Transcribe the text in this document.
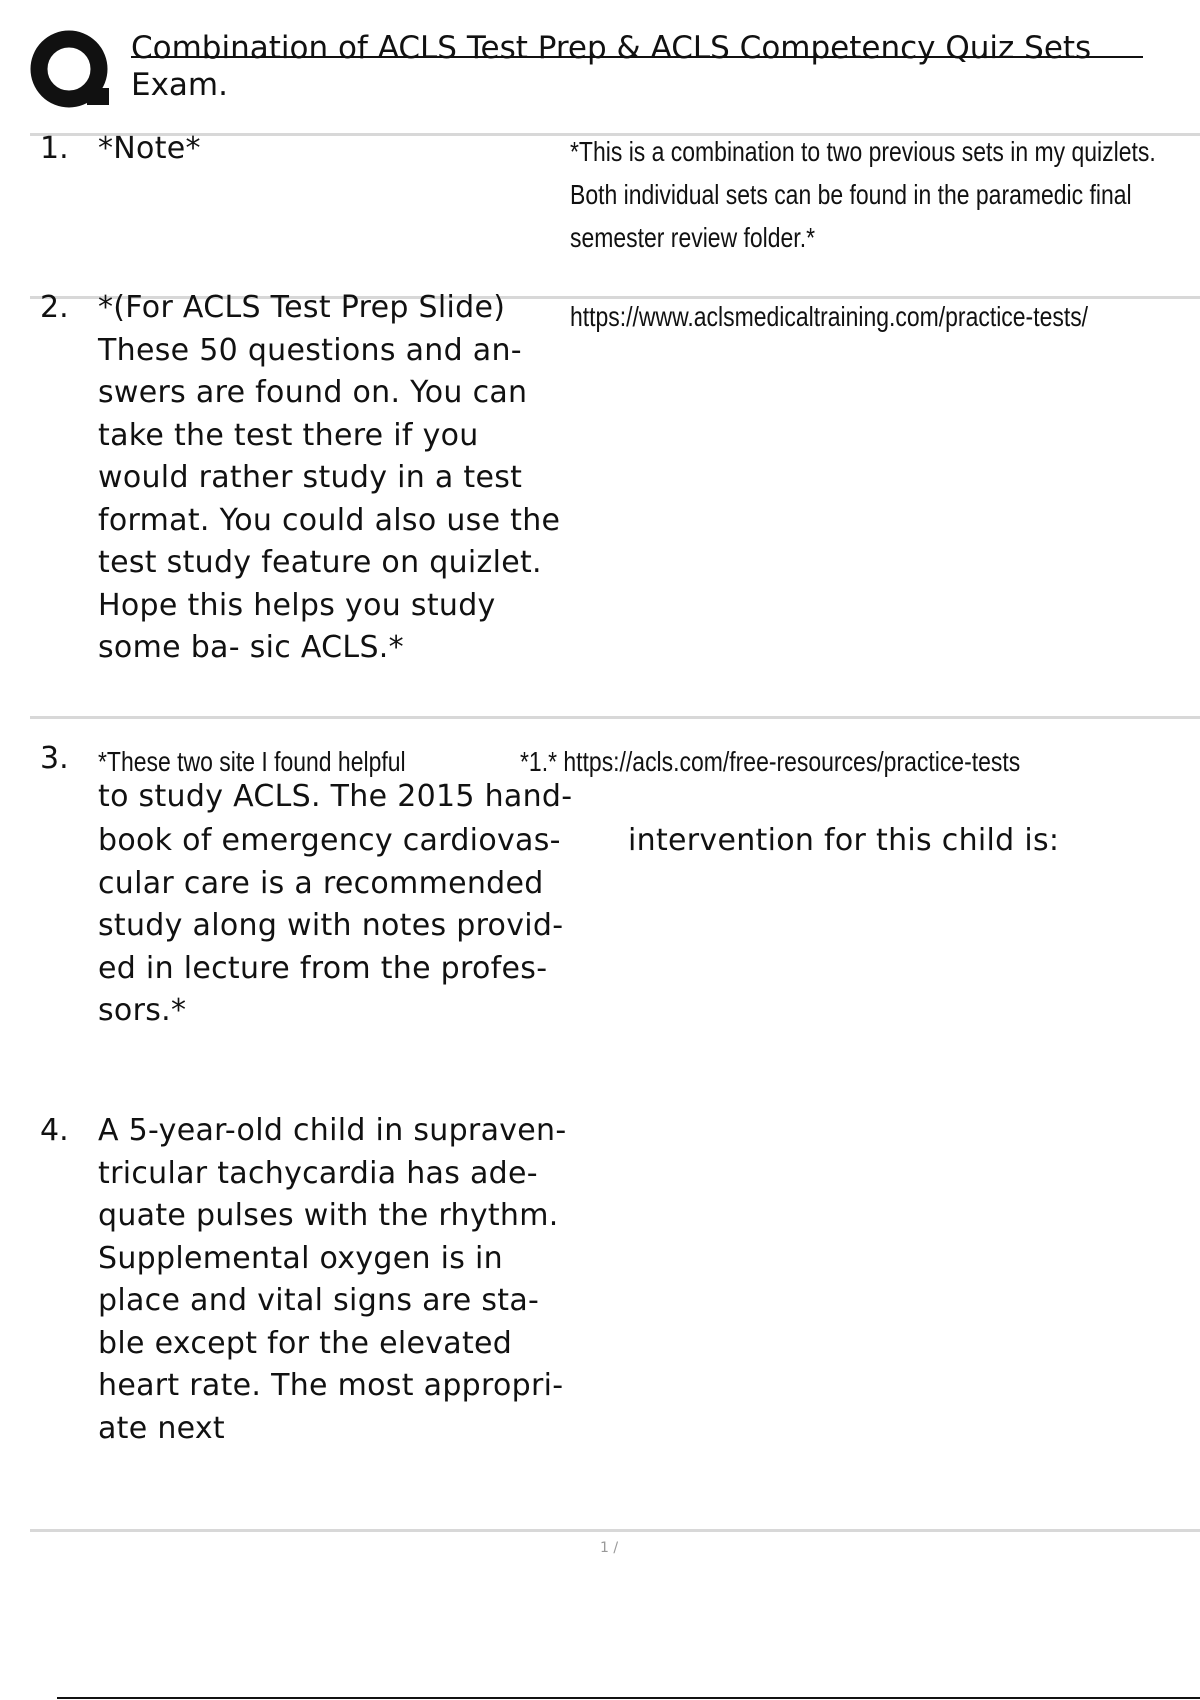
Combination of ACLS Test Prep & ACLS Competency Quiz Sets Exam.
1. *Note*	*This is a combination to two previous sets in my quizlets. Both individual sets can be found in the paramedic final semester review folder.*
2. *(For ACLS Test Prep Slide) These 50 questions and an- swers are found on. You can take the test there if you would rather study in a test format. You could also use the test study feature on quizlet. Hope this helps you study some ba- sic ACLS.*
https://www.aclsmedicaltraining.com/practice-tests/
3. *These two site I found helpful	*1.* https://acls.com/free-resources/practice-tests
to study ACLS. The 2015 hand-
book of emergency cardiovas- cular care is a recommended study along with notes provid- ed in lecture from the profes- sors.*
intervention for this child is:
4. A 5-year-old child in supraven- tricular tachycardia has ade- quate pulses with the rhythm. Supplemental oxygen is in place and vital signs are sta- ble except for the elevated heart rate. The most appropri- ate next
1 /
